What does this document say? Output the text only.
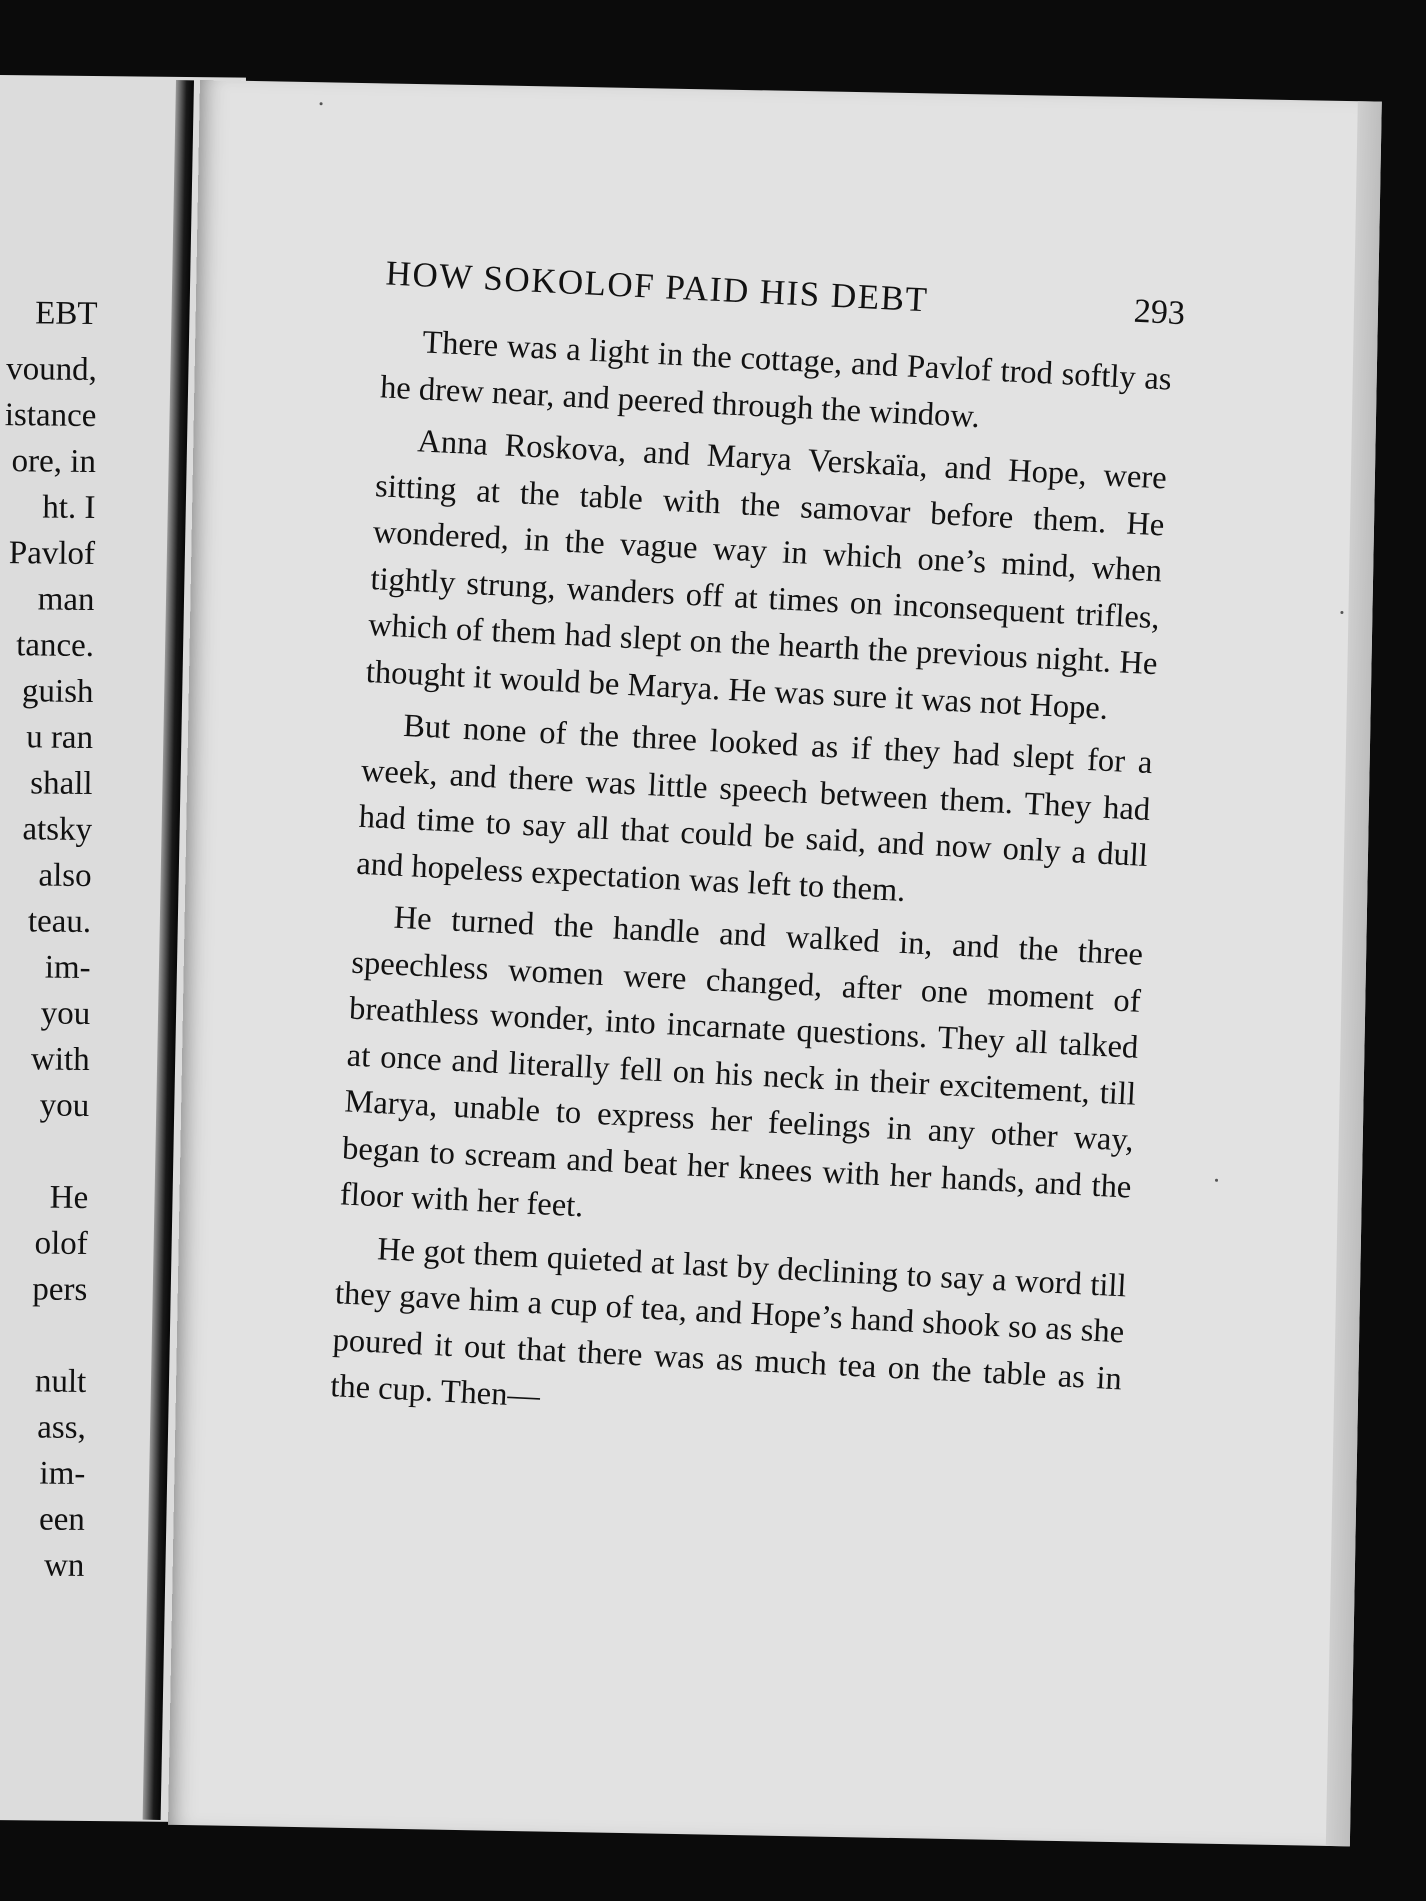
EBT
vound,
istance
ore, in
ht. I
Pavlof
man
tance.
guish
u ran
shall
atsky
also
teau.
im-
you
with
you
He
olof
pers
nult
ass,
im-
een
wn
HOW SOKOLOF PAID HIS DEBT	293

There was a light in the cottage, and Pavlof trod softly as he drew near, and peered through the window.

Anna Roskova, and Marya Verskaïa, and Hope, were sitting at the table with the samovar before them. He wondered, in the vague way in which one’s mind, when tightly strung, wanders off at times on inconsequent trifles, which of them had slept on the hearth the previous night. He thought it would be Marya. He was sure it was not Hope.

But none of the three looked as if they had slept for a week, and there was little speech between them. They had had time to say all that could be said, and now only a dull and hopeless expectation was left to them.

He turned the handle and walked in, and the three speechless women were changed, after one moment of breathless wonder, into incarnate questions. They all talked at once and literally fell on his neck in their excitement, till Marya, unable to express her feelings in any other way, began to scream and beat her knees with her hands, and the floor with her feet.

He got them quieted at last by declining to say a word till they gave him a cup of tea, and Hope’s hand shook so as she poured it out that there was as much tea on the table as in the cup. Then—
